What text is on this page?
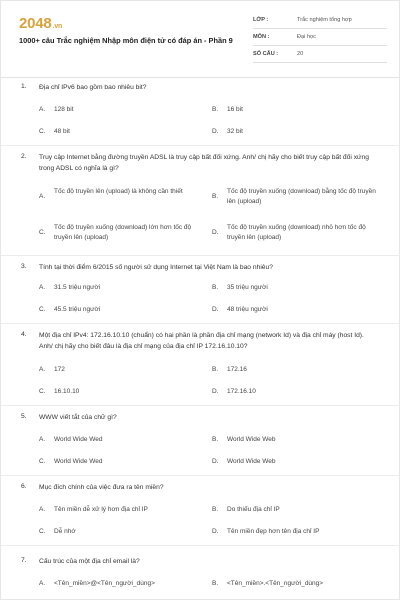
2048.vn
1000+ câu Trắc nghiệm Nhập môn điện tử có đáp án - Phần 9
LỚP :	Trắc nghiệm tổng hợp
MÔN :	Đại học
SỐ CÂU :	20
1. Địa chỉ IPv6 bao gồm bao nhiêu bit?
A. 128 bit	B. 16 bit
C. 48 bit	D. 32 bit
2. Truy cập Internet bằng đường truyền ADSL là truy cập bất đối xứng. Anh/ chị hãy cho biết truy cập bất đối xứng trong ADSL có nghĩa là gì?
A.
Tốc độ truyền lên (upload) là không cần thiết
B.
Tốc độ truyền xuống (download) bằng tốc độ truyền lên (upload)
C.
Tốc độ truyền xuống (download) lớn hơn tốc độ truyền lên (upload)
D.
Tốc độ truyền xuống (download) nhỏ hơn tốc độ truyền lên (upload)
3. Tính tại thời điểm 6/2015 số người sử dụng Internet tại Việt Nam là bao nhiêu?
A. 31.5 triệu người	B. 35 triệu người
C. 45.5 triệu người	D. 48 triệu người
4. Một địa chỉ IPv4: 172.16.10.10 (chuẩn) có hai phần là phần địa chỉ mạng (network Id) và địa chỉ máy (host Id). Anh/ chị hãy cho biết đâu là địa chỉ mạng của địa chỉ IP 172.16.10.10?
A. 172	B. 172.16
C. 16.10.10	D. 172.16.10
5. WWW viết tắt của chữ gì?
A. World Wide Wed	B. World Wide Web
C. World Wide Wed	D. World Wide Web
6. Mục đích chính của việc đưa ra tên miền?
A. Tên miền dễ xử lý hơn địa chỉ IP	B. Do thiếu địa chỉ IP
C. Dễ nhớ	D. Tên miền đẹp hơn tên địa chỉ IP
7. Cấu trúc của một địa chỉ email là?
A. <Tên_miền>@<Tên_người_dùng>	B. <Tên_miền>.<Tên_người_dùng>
